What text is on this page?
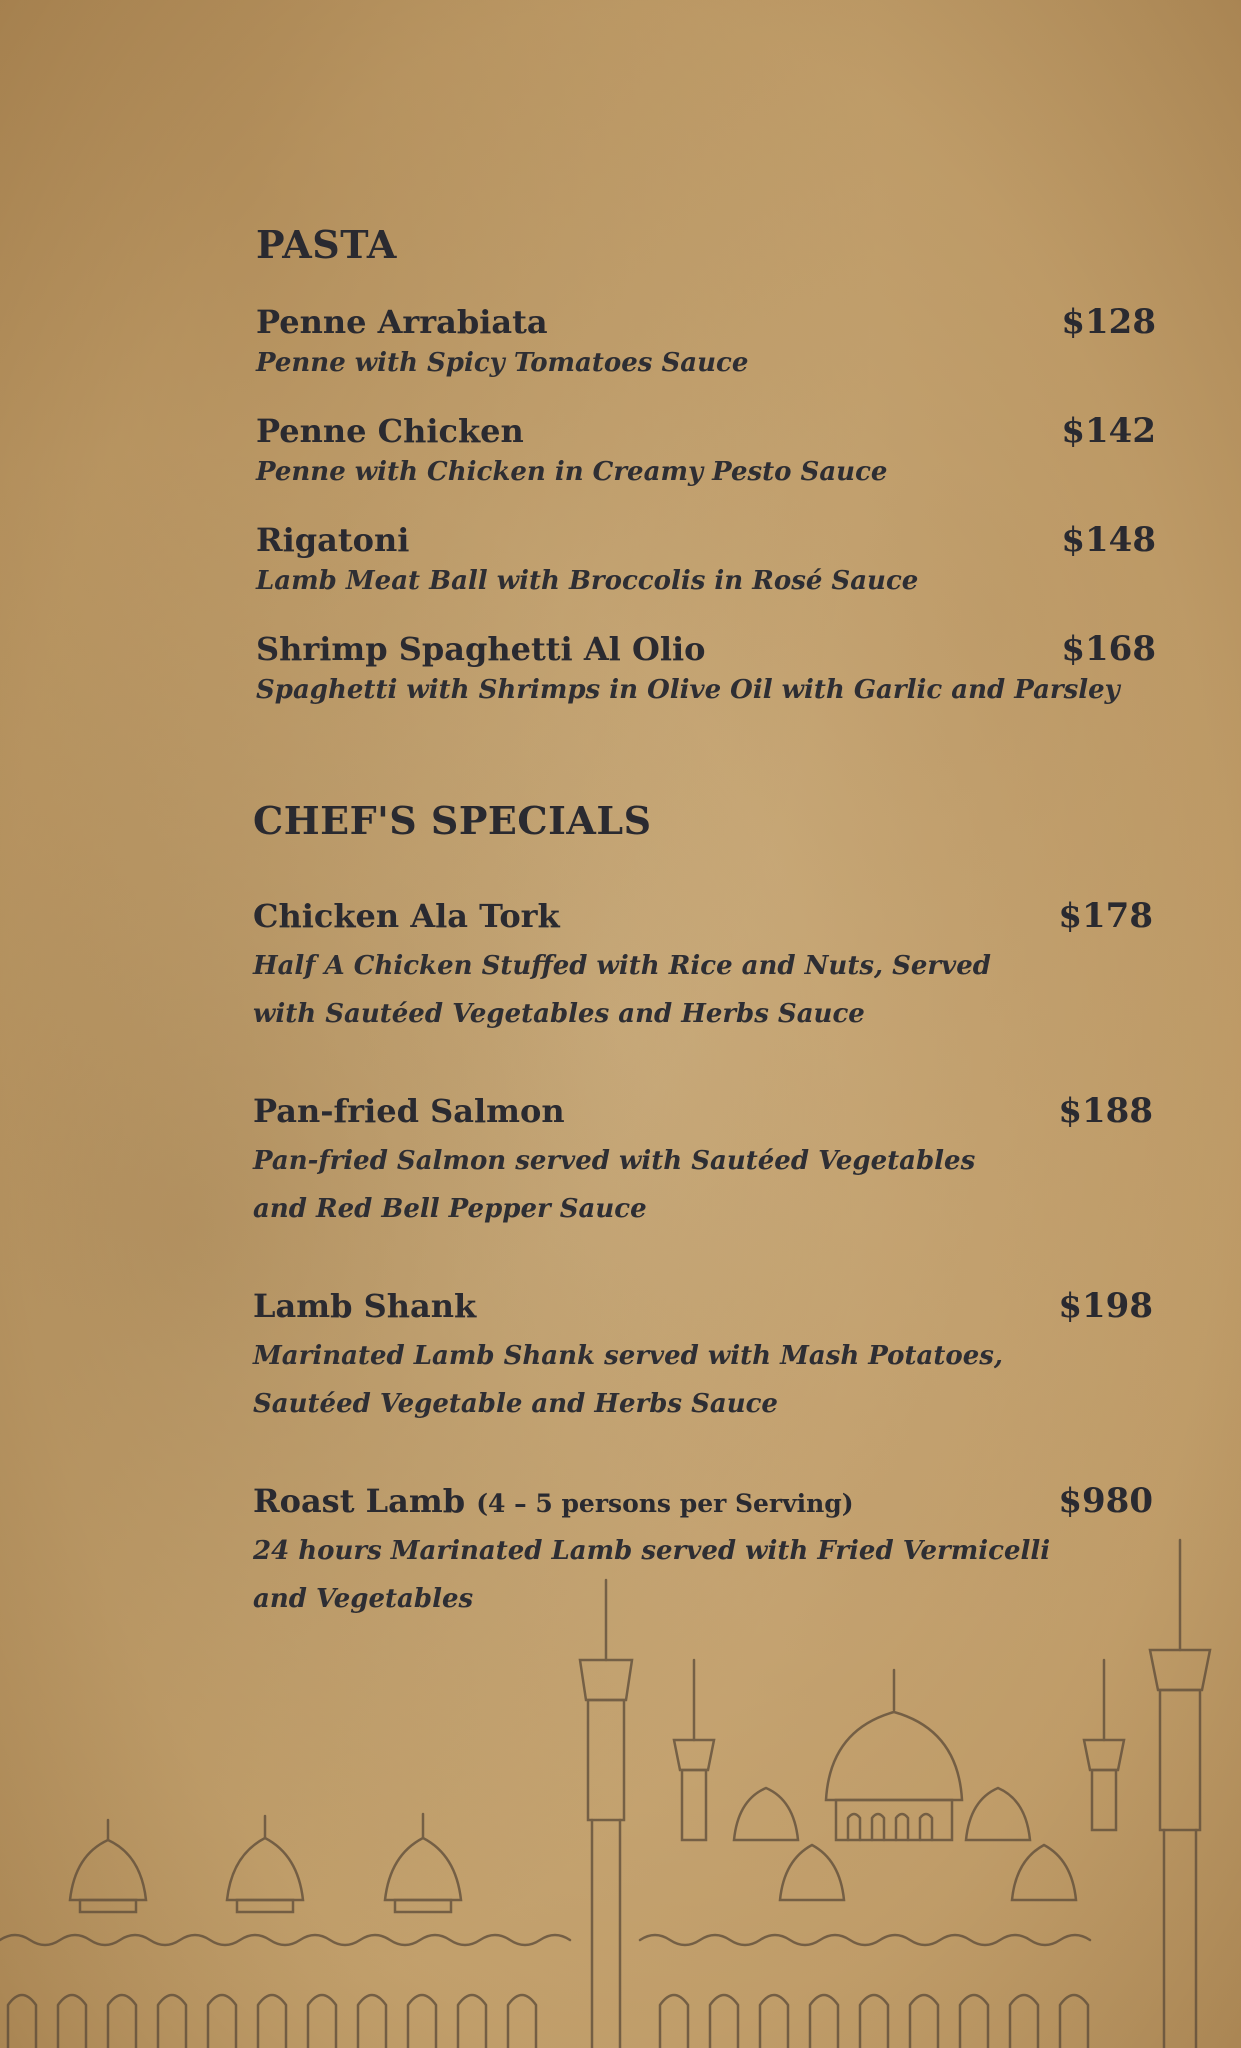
PASTA
Penne Arrabiata	$128
Penne with Spicy Tomatoes Sauce
Penne Chicken	$142
Penne with Chicken in Creamy Pesto Sauce
Rigatoni	$148
Lamb Meat Ball with Broccolis in Rosé Sauce
Shrimp Spaghetti Al Olio	$168
Spaghetti with Shrimps in Olive Oil with Garlic and Parsley
CHEF'S SPECIALS
Chicken Ala Tork	$178
Half A Chicken Stuffed with Rice and Nuts, Served
with Sautéed Vegetables and Herbs Sauce
Pan-fried Salmon	$188
Pan-fried Salmon served with Sautéed Vegetables
and Red Bell Pepper Sauce
Lamb Shank	$198
Marinated Lamb Shank served with Mash Potatoes,
Sautéed Vegetable and Herbs Sauce
Roast Lamb (4 – 5 persons per Serving)	$980
24 hours Marinated Lamb served with Fried Vermicelli
and Vegetables
